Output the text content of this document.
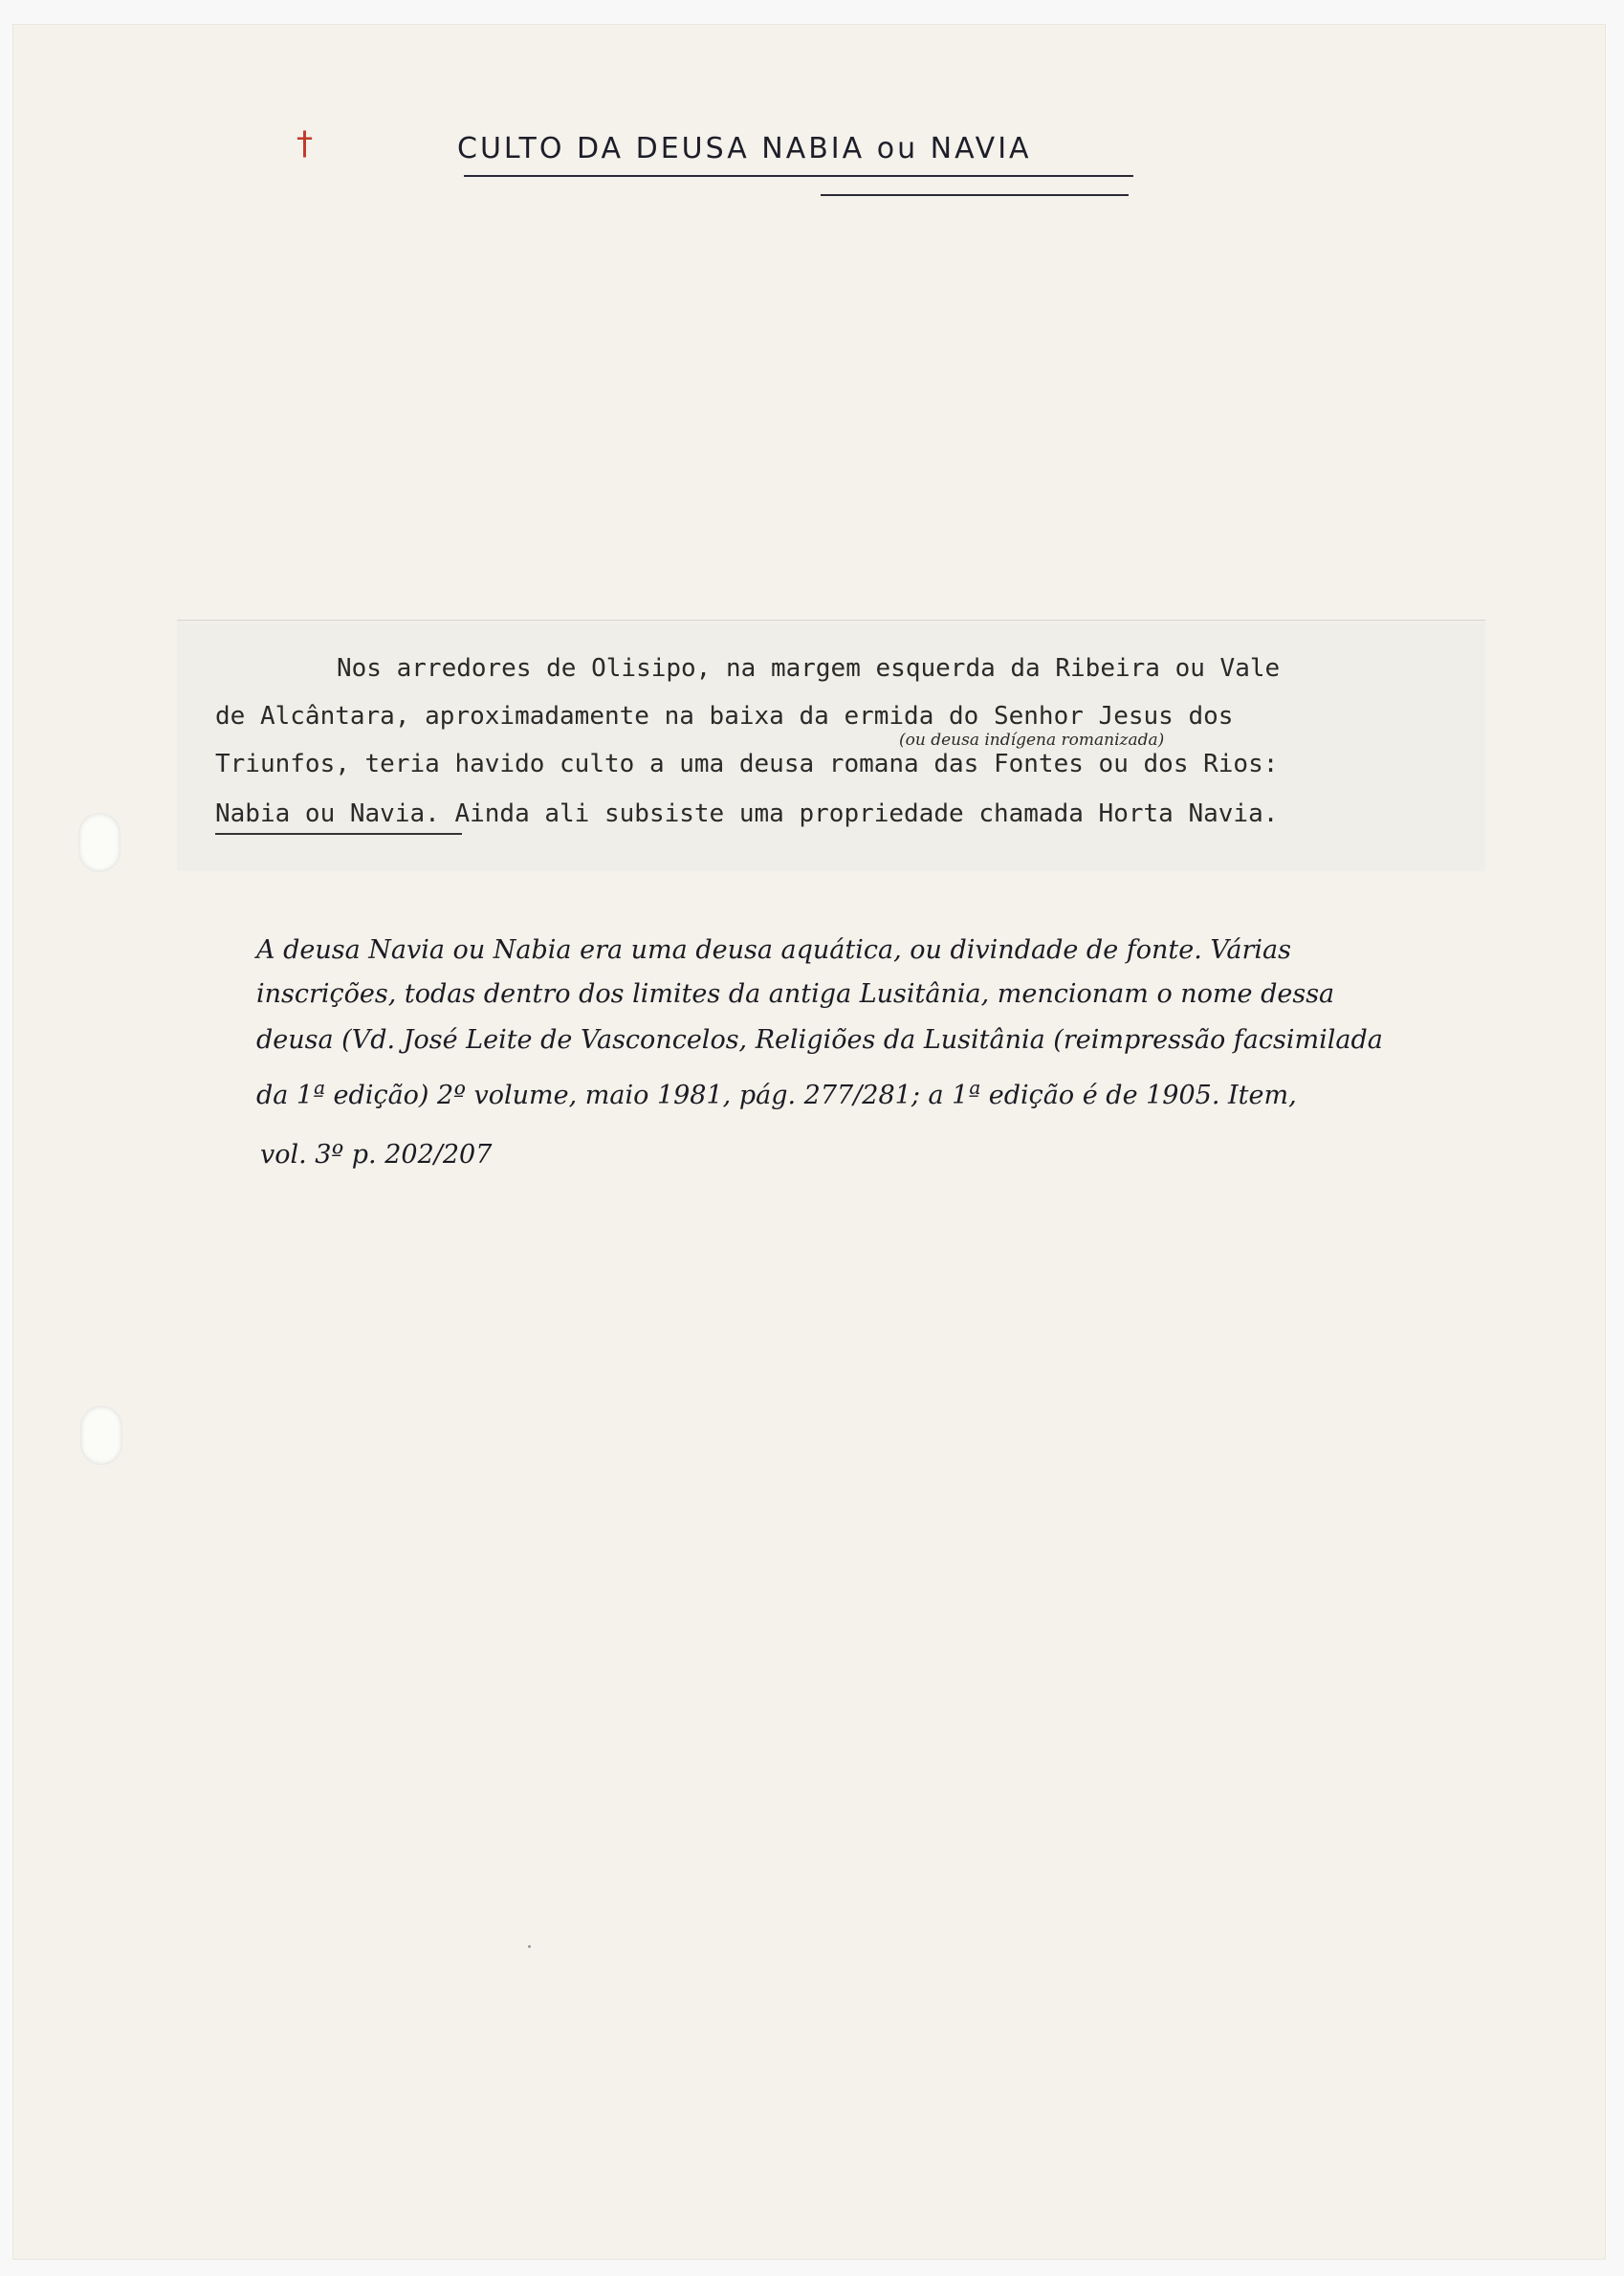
†	CULTO DA DEUSA NABIA ou NAVIA
Nos arredores de Olisipo, na margem esquerda da Ribeira ou Vale
de Alcântara, aproximadamente na baixa da ermida do Senhor Jesus dos
Triunfos, teria havido culto a uma deusa romana das Fontes ou dos Rios:
Nabia ou Navia. Ainda ali subsiste uma propriedade chamada Horta Navia.
(ou deusa indígena romanizada)
A deusa Navia ou Nabia era uma deusa aquática, ou divindade de fonte. Várias
inscrições, todas dentro dos limites da antiga Lusitânia, mencionam o nome dessa
deusa (Vd. José Leite de Vasconcelos, Religiões da Lusitânia (reimpressão facsimilada
da 1ª edição) 2º volume, maio 1981, pág. 277/281; a 1ª edição é de 1905. Item,
vol. 3º p. 202/207
